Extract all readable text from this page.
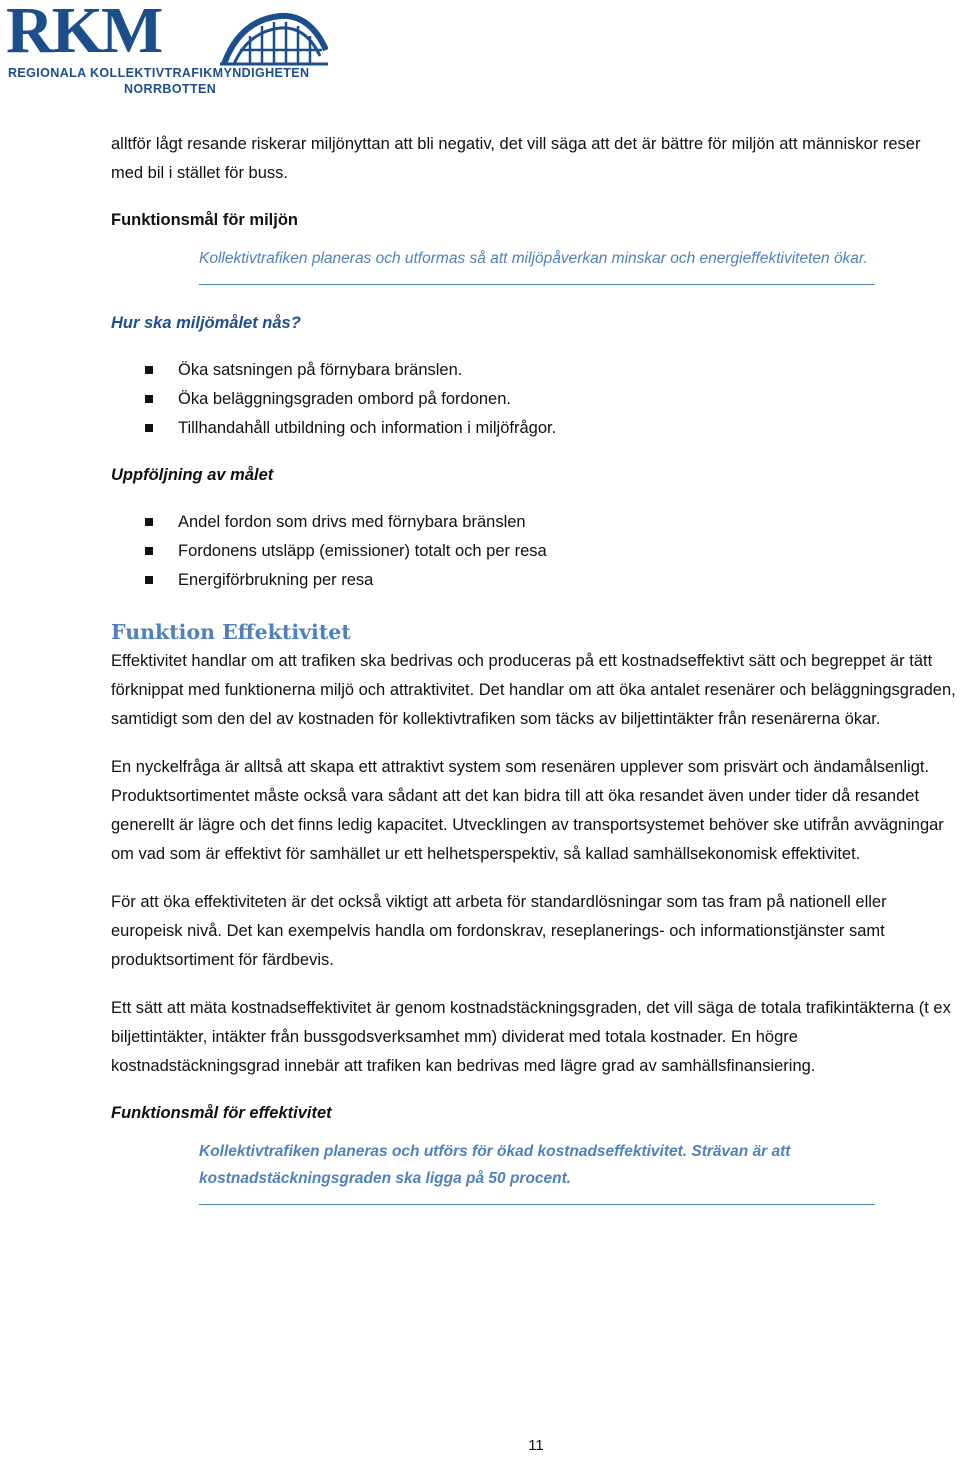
RKM
REGIONALA KOLLEKTIVTRAFIKMYNDIGHETEN
NORRBOTTEN

alltför lågt resande riskerar miljönyttan att bli negativ, det vill säga att det är bättre för miljön att människor reser med bil i stället för buss.

Funktionsmål för miljön

Kollektivtrafiken planeras och utformas så att miljöpåverkan minskar och energieffektiviteten ökar.

Hur ska miljömålet nås?

Öka satsningen på förnybara bränslen.
Öka beläggningsgraden ombord på fordonen.
Tillhandahåll utbildning och information i miljöfrågor.

Uppföljning av målet

Andel fordon som drivs med förnybara bränslen
Fordonens utsläpp (emissioner) totalt och per resa
Energiförbrukning per resa
Funktion Effektivitet

Effektivitet handlar om att trafiken ska bedrivas och produceras på ett kostnadseffektivt sätt och begreppet är tätt förknippat med funktionerna miljö och attraktivitet. Det handlar om att öka antalet resenärer och beläggningsgraden, samtidigt som den del av kostnaden för kollektivtrafiken som täcks av biljettintäkter från resenärerna ökar.

En nyckelfråga är alltså att skapa ett attraktivt system som resenären upplever som prisvärt och ändamålsenligt. Produktsortimentet måste också vara sådant att det kan bidra till att öka resandet även under tider då resandet generellt är lägre och det finns ledig kapacitet. Utvecklingen av transportsystemet behöver ske utifrån avvägningar om vad som är effektivt för samhället ur ett helhetsperspektiv, så kallad samhällsekonomisk effektivitet.

För att öka effektiviteten är det också viktigt att arbeta för standardlösningar som tas fram på nationell eller europeisk nivå. Det kan exempelvis handla om fordonskrav, reseplanerings- och informationstjänster samt produktsortiment för färdbevis.

Ett sätt att mäta kostnadseffektivitet är genom kostnadstäckningsgraden, det vill säga de totala trafikintäkterna (t ex biljettintäkter, intäkter från bussgodsverksamhet mm) dividerat med totala kostnader. En högre kostnadstäckningsgrad innebär att trafiken kan bedrivas med lägre grad av samhällsfinansiering.

Funktionsmål för effektivitet

Kollektivtrafiken planeras och utförs för ökad kostnadseffektivitet. Strävan är att kostnadstäckningsgraden ska ligga på 50 procent.
11
